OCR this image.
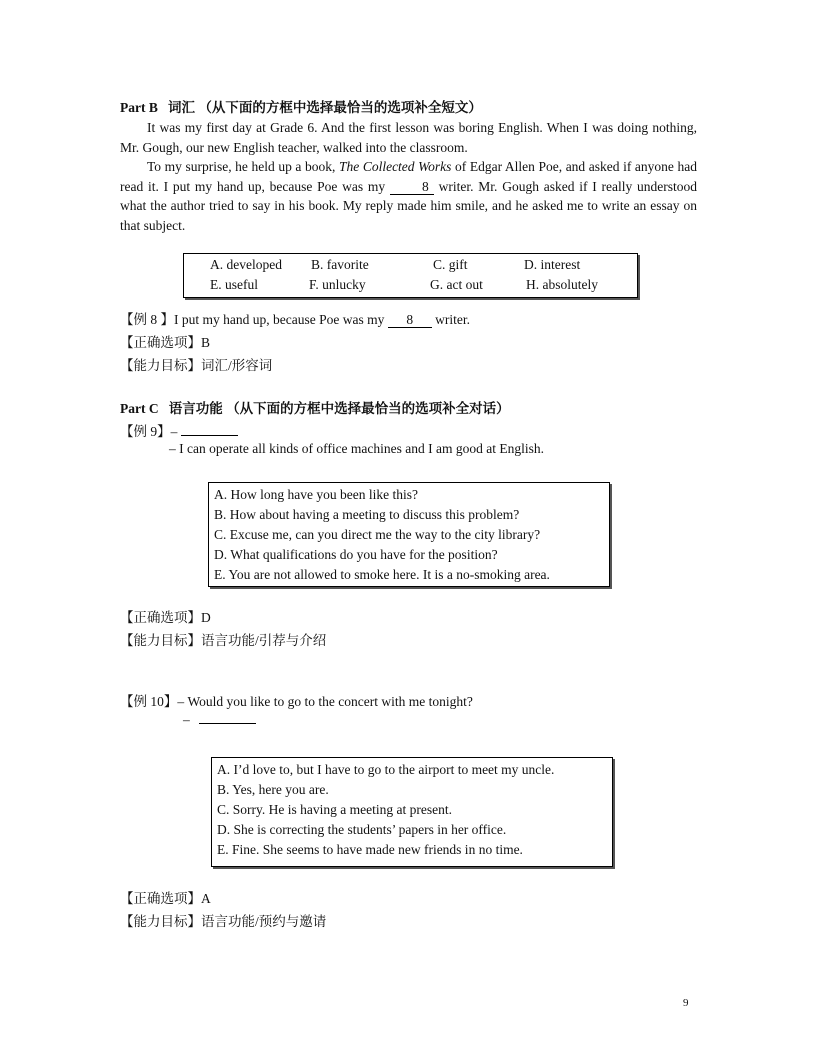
Part B 词汇 （从下面的方框中选择最恰当的选项补全短文）
It was my first day at Grade 6. And the first lesson was boring English. When I was doing nothing, Mr. Gough, our new English teacher, walked into the classroom.
To my surprise, he held up a book, The Collected Works of Edgar Allen Poe, and asked if anyone had read it. I put my hand up, because Poe was my 8 writer. Mr. Gough asked if I really understood what the author tried to say in his book. My reply made him smile, and he asked me to write an essay on that subject.
A. developed B. favorite	C. gift	D. interest
E. useful	F. unlucky	G. act out	H. absolutely
【例 8 】I put my hand up, because Poe was my 8 writer.
【正确选项】B
【能力目标】词汇/形容词
Part C 语言功能 （从下面的方框中选择最恰当的选项补全对话）
【例 9】–
– I can operate all kinds of office machines and I am good at English.
A. How long have you been like this?
B. How about having a meeting to discuss this problem?
C. Excuse me, can you direct me the way to the city library?
D. What qualifications do you have for the position?
E. You are not allowed to smoke here. It is a no-smoking area.
【正确选项】D
【能力目标】语言功能/引荐与介绍
【例 10】– Would you like to go to the concert with me tonight?
–
A. I’d love to, but I have to go to the airport to meet my uncle.
B. Yes, here you are.
C. Sorry. He is having a meeting at present.
D. She is correcting the students’ papers in her office.
E. Fine. She seems to have made new friends in no time.
【正确选项】A
【能力目标】语言功能/预约与邀请
9
